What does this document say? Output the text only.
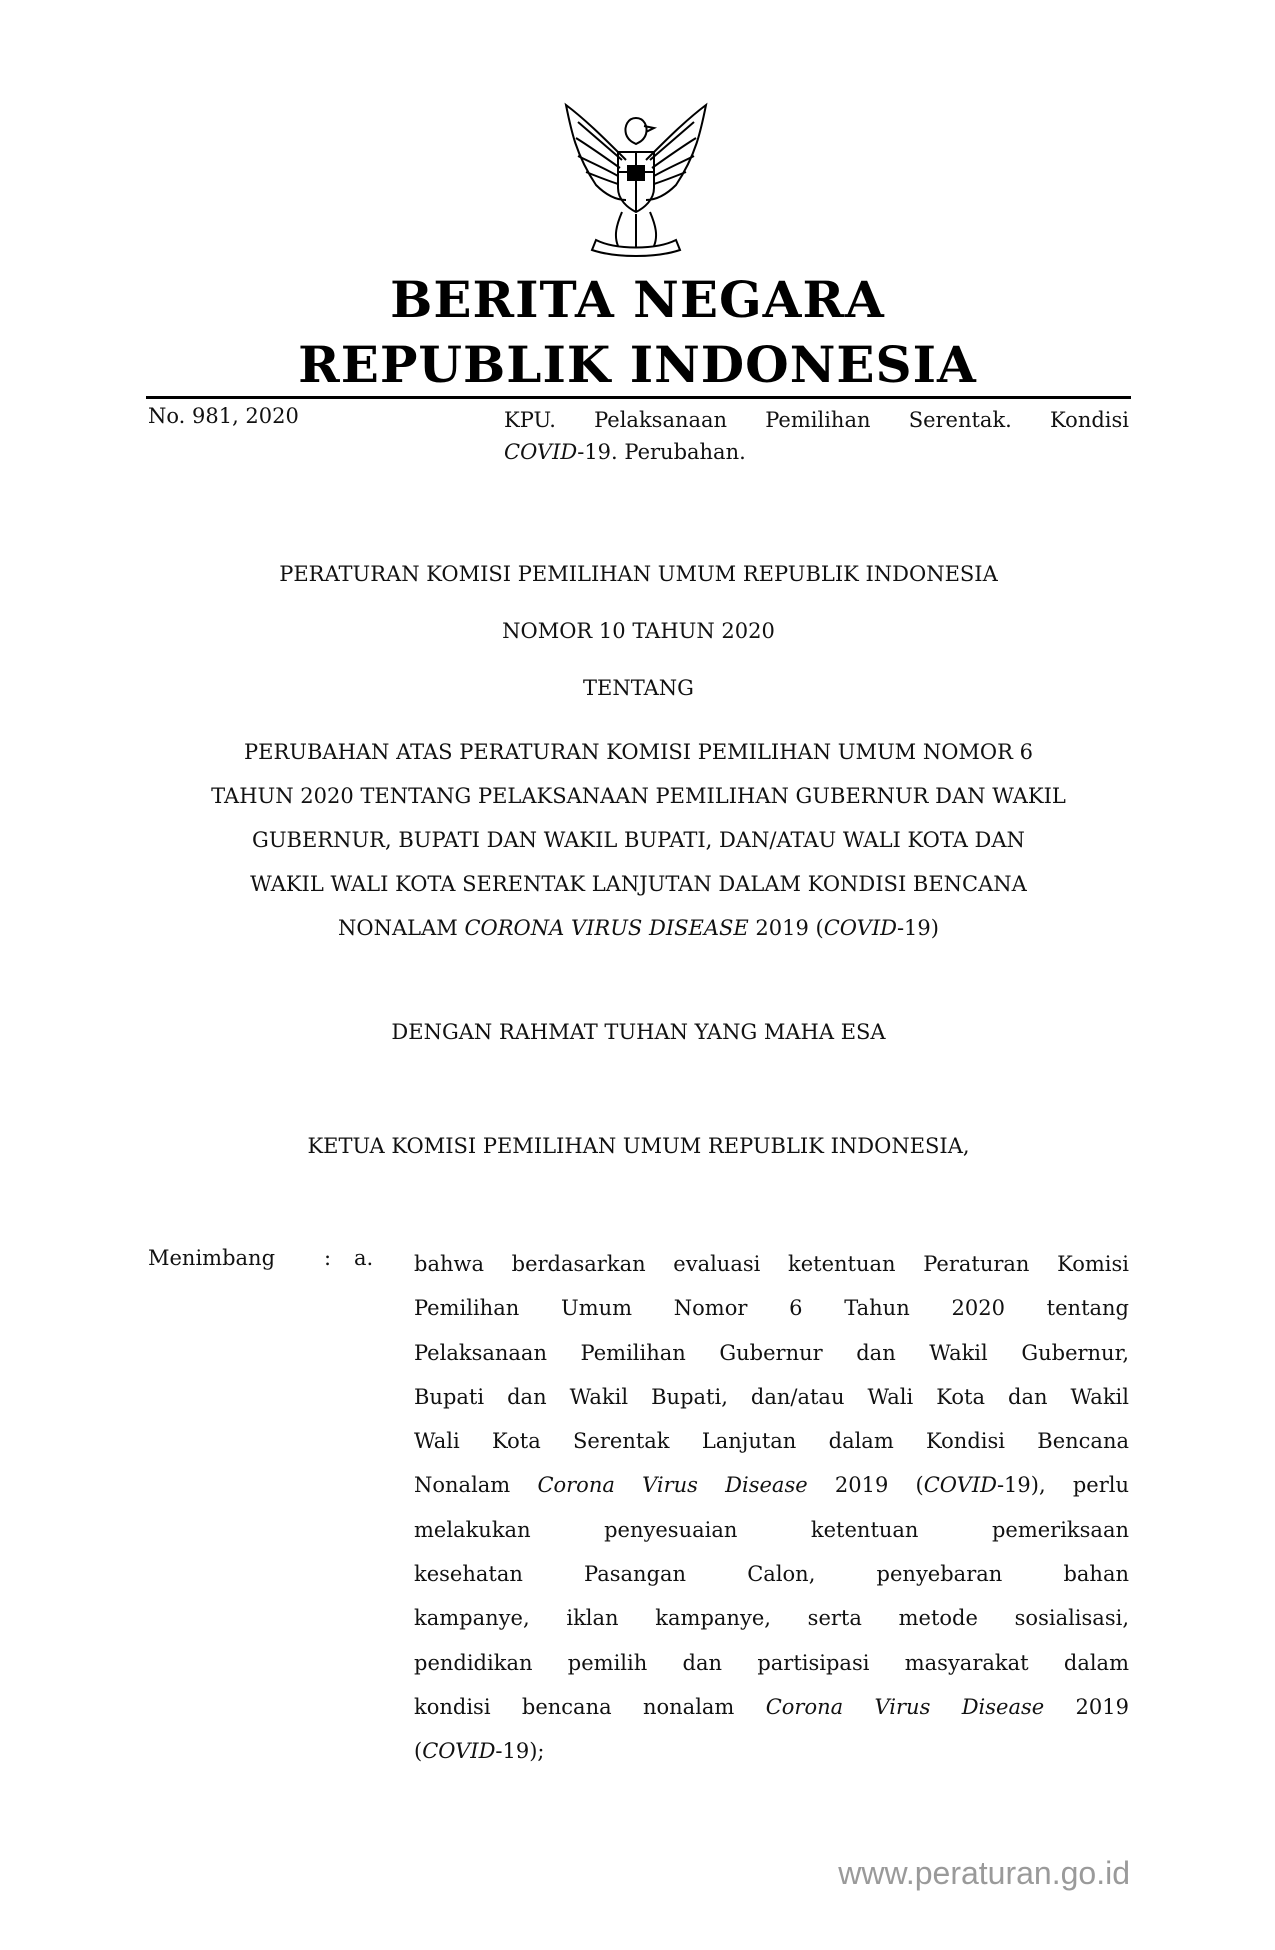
BERITA NEGARA
REPUBLIK INDONESIA
No. 981, 2020	KPU. Pelaksanaan Pemilihan Serentak. Kondisi
COVID-19. Perubahan.
PERATURAN KOMISI PEMILIHAN UMUM REPUBLIK INDONESIA
NOMOR 10 TAHUN 2020
TENTANG
PERUBAHAN ATAS PERATURAN KOMISI PEMILIHAN UMUM NOMOR 6
TAHUN 2020 TENTANG PELAKSANAAN PEMILIHAN GUBERNUR DAN WAKIL
GUBERNUR, BUPATI DAN WAKIL BUPATI, DAN/ATAU WALI KOTA DAN
WAKIL WALI KOTA SERENTAK LANJUTAN DALAM KONDISI BENCANA
NONALAM CORONA VIRUS DISEASE 2019 (COVID-19)
DENGAN RAHMAT TUHAN YANG MAHA ESA
KETUA KOMISI PEMILIHAN UMUM REPUBLIK INDONESIA,
Menimbang : a. bahwa berdasarkan evaluasi ketentuan Peraturan Komisi
Pemilihan Umum Nomor 6 Tahun 2020 tentang
Pelaksanaan Pemilihan Gubernur dan Wakil Gubernur,
Bupati dan Wakil Bupati, dan/atau Wali Kota dan Wakil
Wali Kota Serentak Lanjutan dalam Kondisi Bencana
Nonalam Corona Virus Disease 2019 (COVID-19), perlu
melakukan penyesuaian ketentuan pemeriksaan
kesehatan Pasangan Calon, penyebaran bahan
kampanye, iklan kampanye, serta metode sosialisasi,
pendidikan pemilih dan partisipasi masyarakat dalam
kondisi bencana nonalam Corona Virus Disease 2019
(COVID-19);
www.peraturan.go.id
